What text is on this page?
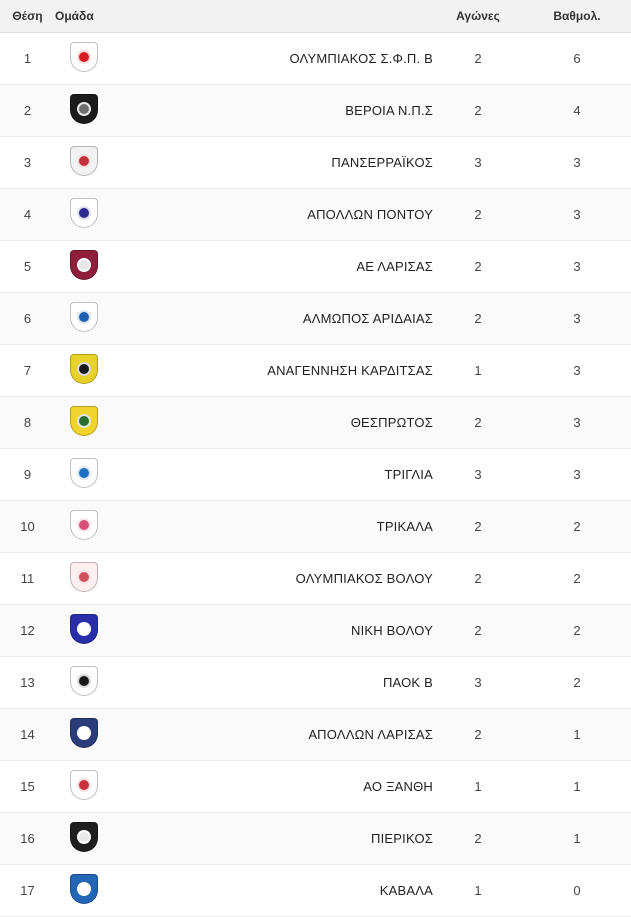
Θέση	Ομάδα		Αγώνες	Βαθμολ.
1		ΟΛΥΜΠΙΑΚΟΣ Σ.Φ.Π. Β	2	6
2		ΒΕΡΟΙΑ Ν.Π.Σ	2	4
3		ΠΑΝΣΕΡΡΑΪΚΟΣ	3	3
4		ΑΠΟΛΛΩΝ ΠΟΝΤΟΥ	2	3
5		ΑΕ ΛΑΡΙΣΑΣ	2	3
6		ΑΛΜΩΠΟΣ ΑΡΙΔΑΙΑΣ	2	3
7		ΑΝΑΓΕΝΝΗΣΗ ΚΑΡΔΙΤΣΑΣ	1	3
8		ΘΕΣΠΡΩΤΟΣ	2	3
9		ΤΡΙΓΛΙΑ	3	3
10		ΤΡΙΚΑΛΑ	2	2
11		ΟΛΥΜΠΙΑΚΟΣ ΒΟΛΟΥ	2	2
12		ΝΙΚΗ ΒΟΛΟΥ	2	2
13		ΠΑΟΚ Β	3	2
14		ΑΠΟΛΛΩΝ ΛΑΡΙΣΑΣ	2	1
15		ΑΟ ΞΑΝΘΗ	1	1
16		ΠΙΕΡΙΚΟΣ	2	1
17		ΚΑΒΑΛΑ	1	0
